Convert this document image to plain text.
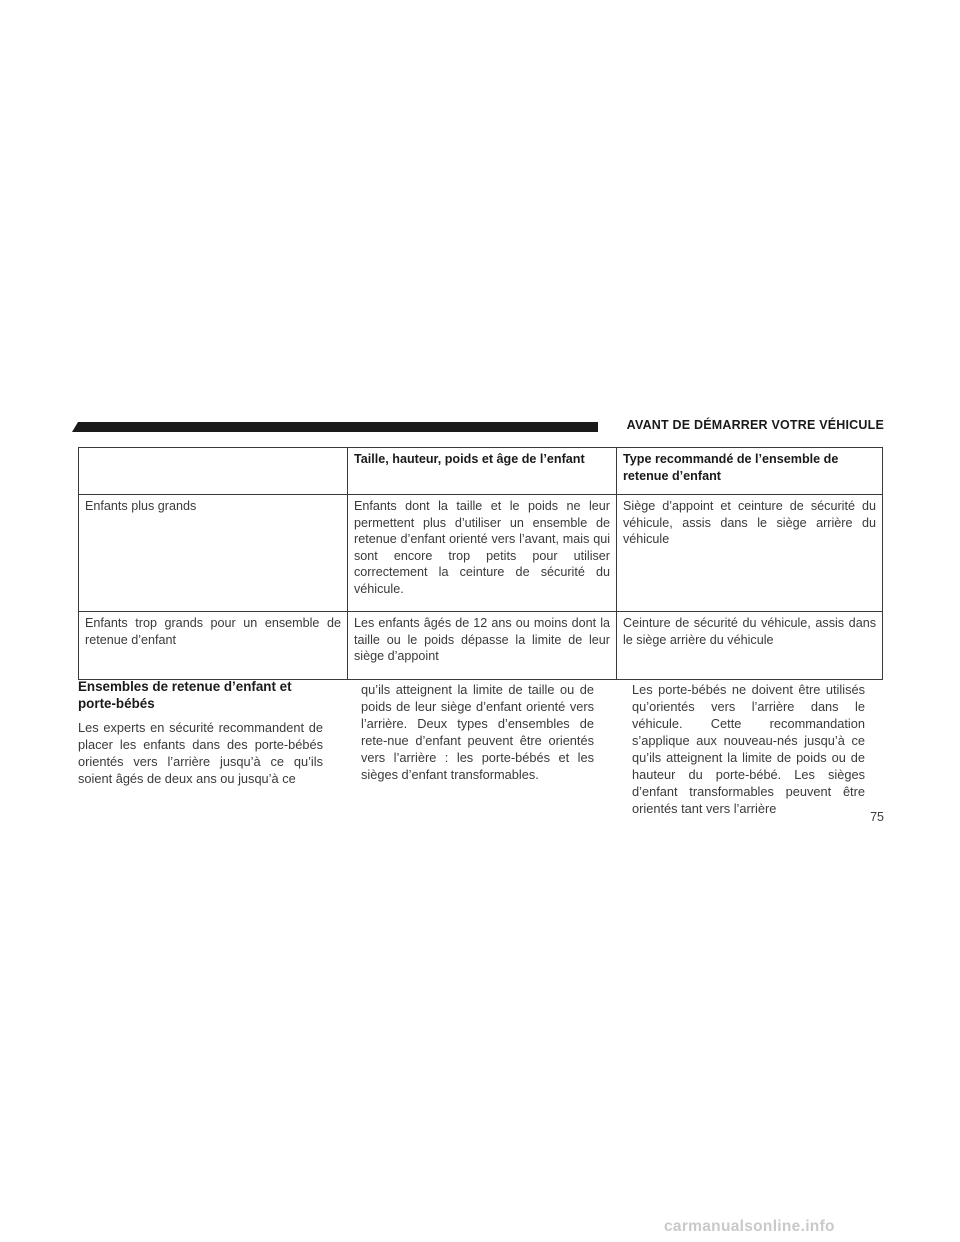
AVANT DE DÉMARRER VOTRE VÉHICULE
	Taille, hauteur, poids et âge de l’enfant	Type recommandé de l’ensemble de retenue d’enfant
Enfants plus grands	Enfants dont la taille et le poids ne leur permettent plus d’utiliser un ensemble de retenue d’enfant orienté vers l’avant, mais qui sont encore trop petits pour utiliser correctement la ceinture de sécurité du véhicule.	Siège d’appoint et ceinture de sécurité du véhicule, assis dans le siège arrière du véhicule
Enfants trop grands pour un ensemble de retenue d’enfant	Les enfants âgés de 12 ans ou moins dont la taille ou le poids dépasse la limite de leur siège d’appoint	Ceinture de sécurité du véhicule, assis dans le siège arrière du véhicule

Ensembles de retenue d’enfant et porte-bébés

Les experts en sécurité recommandent de placer les enfants dans des porte-bébés orientés vers l’arrière jusqu’à ce qu’ils soient âgés de deux ans ou jusqu’à ce

qu’ils atteignent la limite de taille ou de poids de leur siège d’enfant orienté vers l’arrière. Deux types d’ensembles de rete-nue d’enfant peuvent être orientés vers l’arrière : les porte-bébés et les sièges d’enfant transformables.

Les porte-bébés ne doivent être utilisés qu’orientés vers l’arrière dans le véhicule. Cette recommandation s’applique aux nouveau-nés jusqu’à ce qu’ils atteignent la limite de poids ou de hauteur du porte-bébé. Les sièges d’enfant transformables peuvent être orientés tant vers l’arrière

75
carmanualsonline.info
